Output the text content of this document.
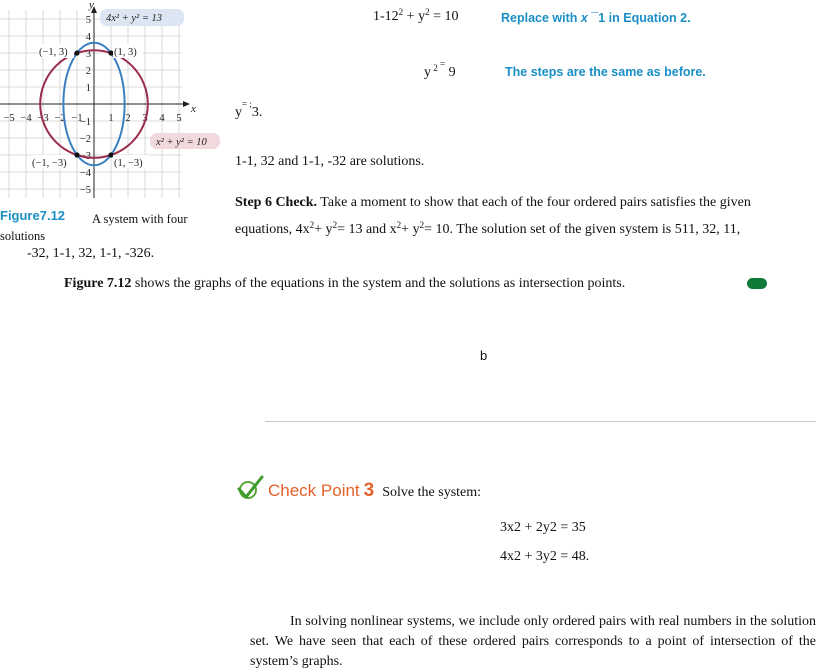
x
y
−5 −4 −3 −2 −1 1 2 3 4 5
5
4
3
2
1
−1
−2
−3
−4
−5
(−1, 3)	(1, 3)
(−1, −3)	(1, −3)
4x² + y² = 13
x² + y² = 10
Figure7.12 A system with four
solutions
$1-12^2 + y^2 = 10$	Replace with x ¯1 in Equation 2.
y $^2$ = 9	The steps are the same as before.
y= ;3.
1-1, 32 and 1-1, -32 are solutions.
Step 6 Check. Take a moment to show that each of the four ordered pairs satisfies the given
equations, $4x^2+ y^2= 13$ and $x^2+ y^2= 10$. The solution set of the given system is 511, 32, 11,
-32, 1-1, 32, 1-1, -326.
Figure 7.12 shows the graphs of the equations in the system and the solutions as intersection points.
b
Check Point 3 Solve the system:
3x2 + 2y2 = 35
4x2 + 3y2 = 48.

In solving nonlinear systems, we include only ordered pairs with real numbers in the solution set. We have seen that each of these ordered pairs corresponds to a point of intersection of the system’s graphs.
